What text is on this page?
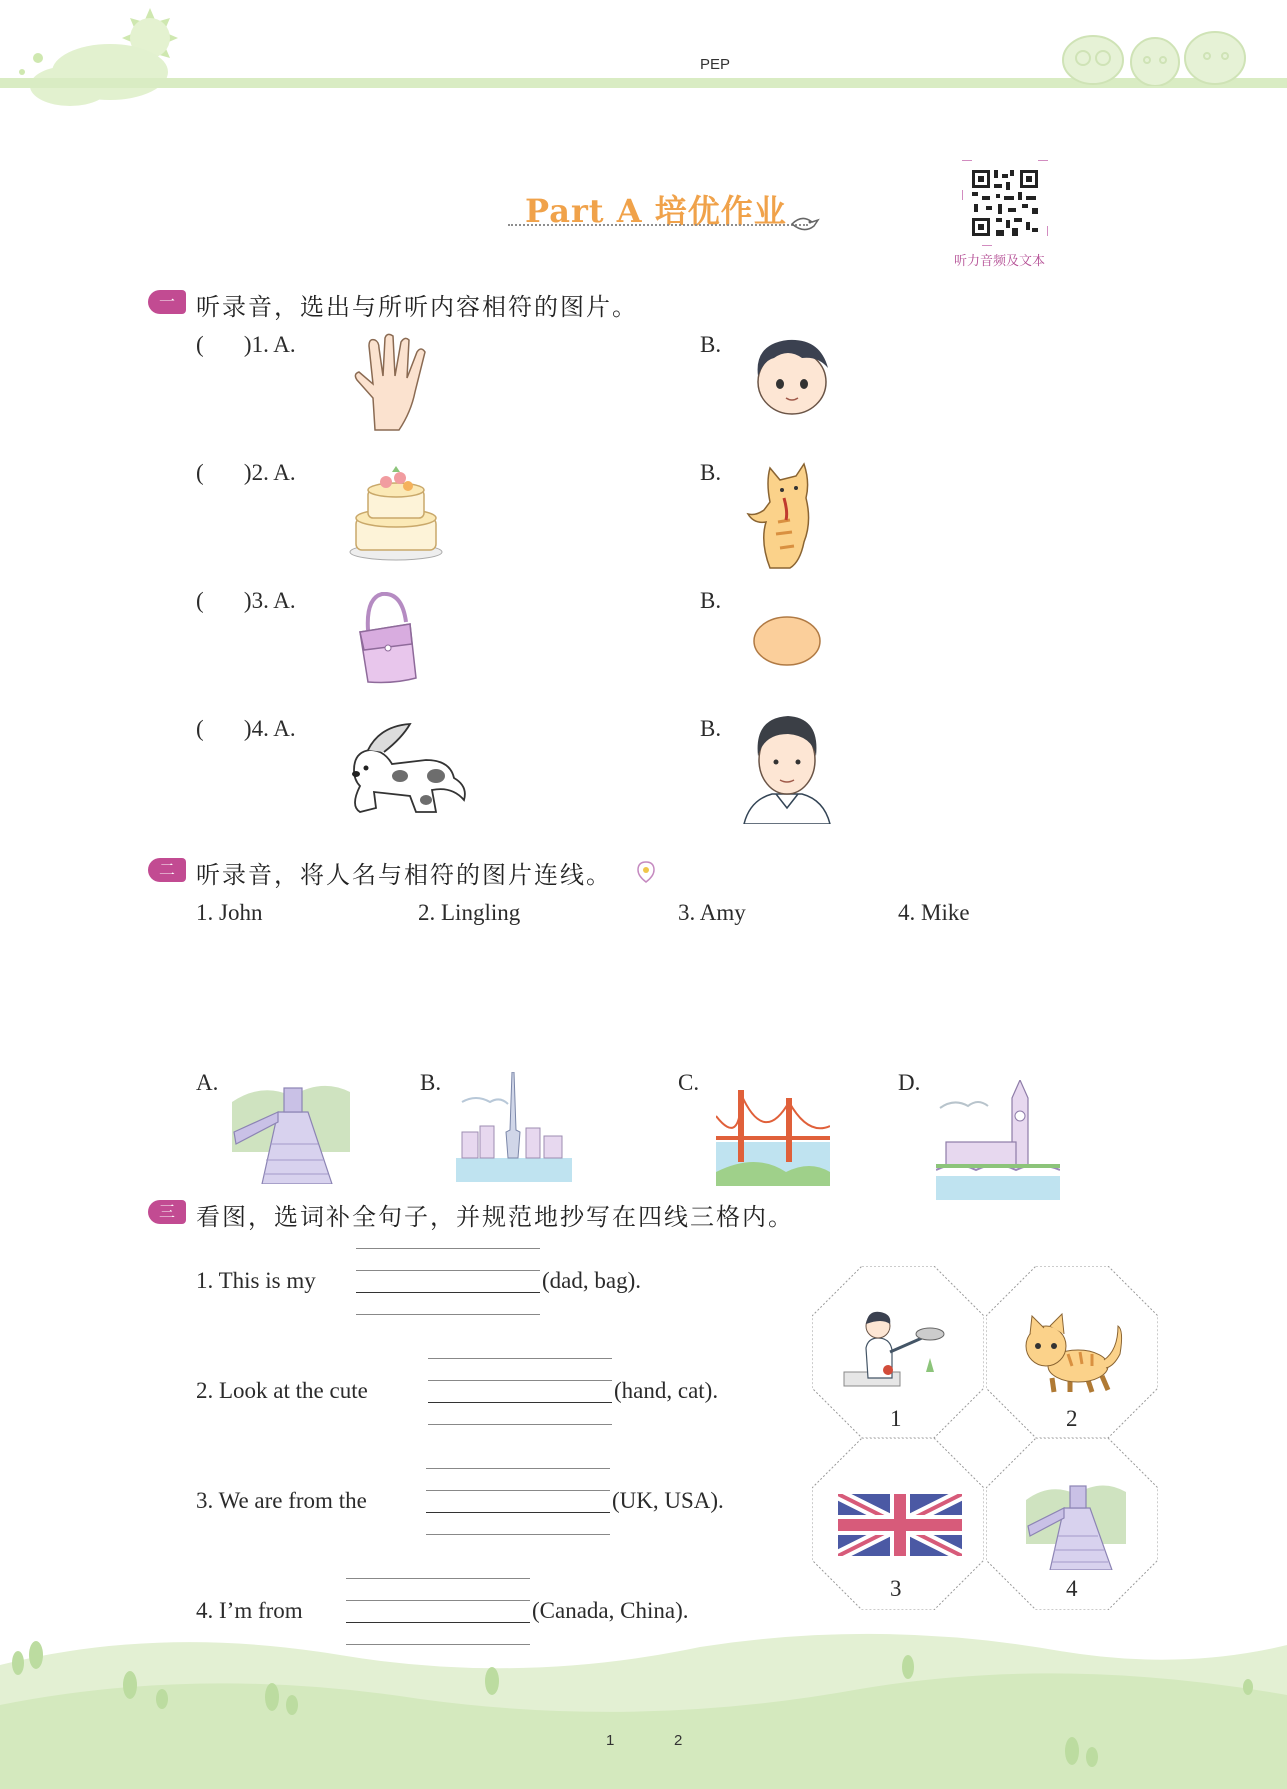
PEP
Part A 培优作业
听力音频及文本
一 听录音，选出与所听内容相符的图片。
(       )1. A.	B.
(       )2. A.	B.
(       )3. A.	B.
(       )4. A.	B.
二 听录音，将人名与相符的图片连线。
1. John	2. Lingling	3. Amy	4. Mike
A.	B.	C.	D.
三 看图，选词补全句子，并规范地抄写在四线三格内。
1. This is my	(dad, bag).
2. Look at the cute	(hand, cat).
3. We are from the	(UK, USA).
4. I’m from	(Canada, China).
1	2
3	4
1	2
